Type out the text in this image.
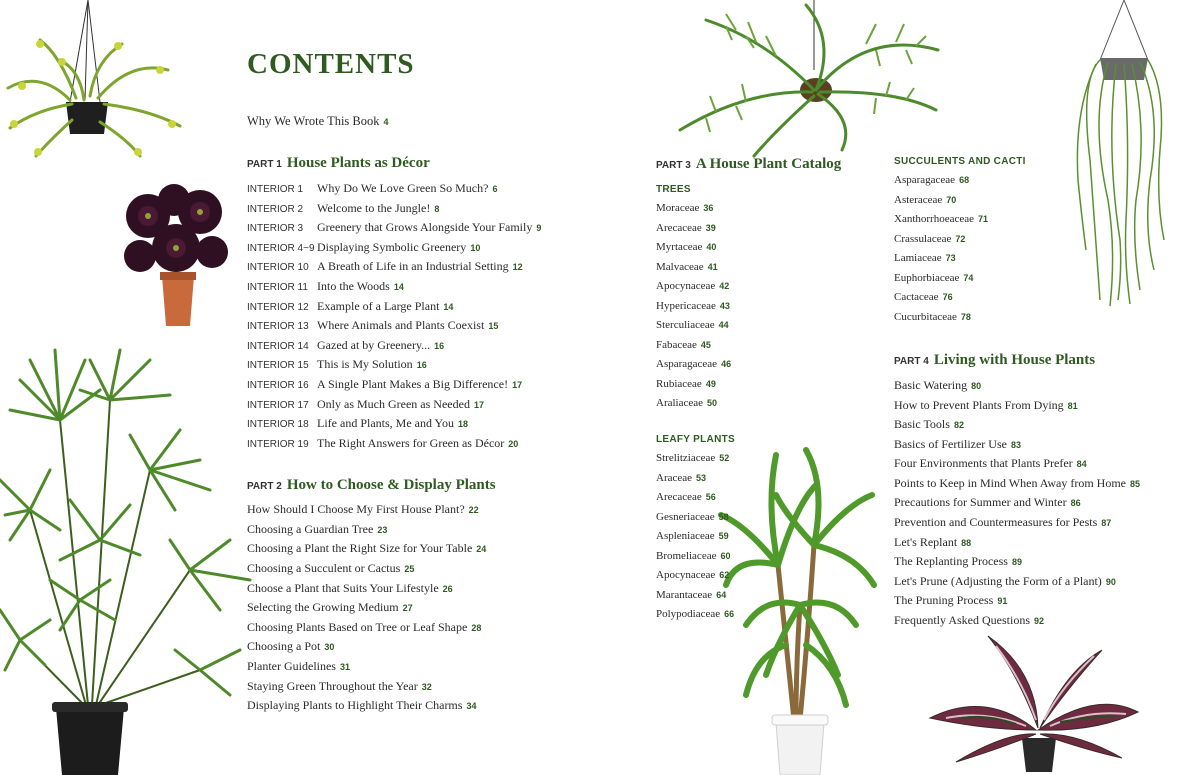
CONTENTS
Why We Wrote This Book 4
PART 1 House Plants as Décor
INTERIOR 1	Why Do We Love Green So Much? 6
INTERIOR 2	Welcome to the Jungle! 8
INTERIOR 3	Greenery that Grows Alongside Your Family 9
INTERIOR 4~9 Displaying Symbolic Greenery 10
INTERIOR 10 A Breath of Life in an Industrial Setting 12
INTERIOR 11 Into the Woods 14
INTERIOR 12 Example of a Large Plant 14
INTERIOR 13 Where Animals and Plants Coexist 15
INTERIOR 14 Gazed at by Greenery... 16
INTERIOR 15 This is My Solution 16
INTERIOR 16 A Single Plant Makes a Big Difference! 17
INTERIOR 17 Only as Much Green as Needed 17
INTERIOR 18 Life and Plants, Me and You 18
INTERIOR 19 The Right Answers for Green as Décor 20
PART 2 How to Choose & Display Plants
How Should I Choose My First House Plant? 22
Choosing a Guardian Tree 23
Choosing a Plant the Right Size for Your Table 24
Choosing a Succulent or Cactus 25
Choose a Plant that Suits Your Lifestyle 26
Selecting the Growing Medium 27
Choosing Plants Based on Tree or Leaf Shape 28
Choosing a Pot 30
Planter Guidelines 31
Staying Green Throughout the Year 32
Displaying Plants to Highlight Their Charms 34
PART 3 A House Plant Catalog
TREES
Moraceae 36
Arecaceae 39
Myrtaceae 40
Malvaceae 41
Apocynaceae 42
Hypericaceae 43
Sterculiaceae 44
Fabaceae 45
Asparagaceae 46
Rubiaceae 49
Araliaceae 50
LEAFY PLANTS
Strelitziaceae 52
Araceae 53
Arecaceae 56
Gesneriaceae 58
Aspleniaceae 59
Bromeliaceae 60
Apocynaceae 62
Marantaceae 64
Polypodiaceae 66
SUCCULENTS AND CACTI
Asparagaceae 68
Asteraceae 70
Xanthorrhoeaceae 71
Crassulaceae 72
Lamiaceae 73
Euphorbiaceae 74
Cactaceae 76
Cucurbitaceae 78
PART 4 Living with House Plants
Basic Watering 80
How to Prevent Plants From Dying 81
Basic Tools 82
Basics of Fertilizer Use 83
Four Environments that Plants Prefer 84
Points to Keep in Mind When Away from Home 85
Precautions for Summer and Winter 86
Prevention and Countermeasures for Pests 87
Let's Replant 88
The Replanting Process 89
Let's Prune (Adjusting the Form of a Plant) 90
The Pruning Process 91
Frequently Asked Questions 92
